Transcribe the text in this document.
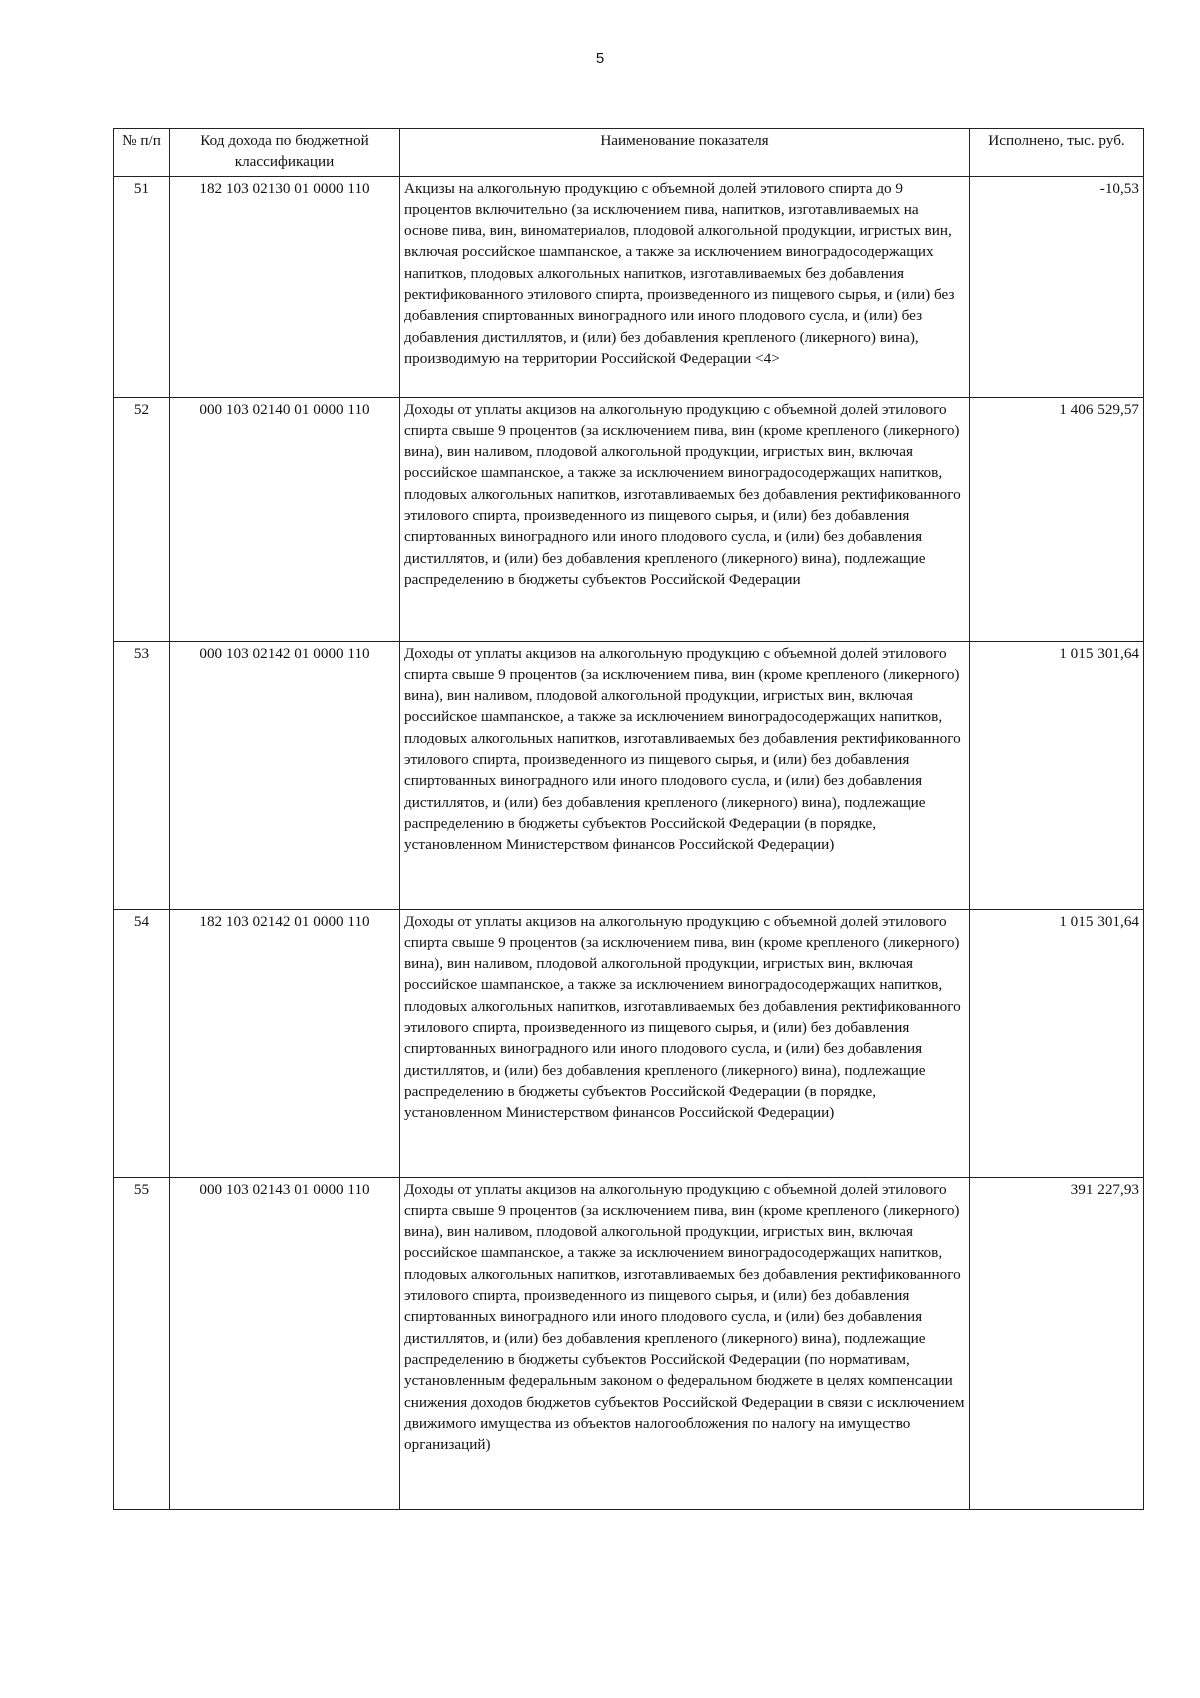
5
№ п/п	Код дохода по бюджетной классификации	Наименование показателя	Исполнено, тыс. руб.
51	182 103 02130 01 0000 110	Акцизы на алкогольную продукцию с объемной долей этилового спирта до 9 процентов включительно (за исключением пива, напитков, изготавливаемых на основе пива, вин, виноматериалов, плодовой алкогольной продукции, игристых вин, включая российское шампанское, а также за исключением виноградосодержащих напитков, плодовых алкогольных напитков, изготавливаемых без добавления ректификованного этилового спирта, произведенного из пищевого сырья, и (или) без добавления спиртованных виноградного или иного плодового сусла, и (или) без добавления дистиллятов, и (или) без добавления крепленого (ликерного) вина), производимую на территории Российской Федерации <4>	-10,53
52	000 103 02140 01 0000 110	Доходы от уплаты акцизов на алкогольную продукцию с объемной долей этилового спирта свыше 9 процентов (за исключением пива, вин (кроме крепленого (ликерного) вина), вин наливом, плодовой алкогольной продукции, игристых вин, включая российское шампанское, а также за исключением виноградосодержащих напитков, плодовых алкогольных напитков, изготавливаемых без добавления ректификованного этилового спирта, произведенного из пищевого сырья, и (или) без добавления спиртованных виноградного или иного плодового сусла, и (или) без добавления дистиллятов, и (или) без добавления крепленого (ликерного) вина), подлежащие распределению в бюджеты субъектов Российской Федерации	1 406 529,57
53	000 103 02142 01 0000 110	Доходы от уплаты акцизов на алкогольную продукцию с объемной долей этилового спирта свыше 9 процентов (за исключением пива, вин (кроме крепленого (ликерного) вина), вин наливом, плодовой алкогольной продукции, игристых вин, включая российское шампанское, а также за исключением виноградосодержащих напитков, плодовых алкогольных напитков, изготавливаемых без добавления ректификованного этилового спирта, произведенного из пищевого сырья, и (или) без добавления спиртованных виноградного или иного плодового сусла, и (или) без добавления дистиллятов, и (или) без добавления крепленого (ликерного) вина), подлежащие распределению в бюджеты субъектов Российской Федерации (в порядке, установленном Министерством финансов Российской Федерации)	1 015 301,64
54	182 103 02142 01 0000 110	Доходы от уплаты акцизов на алкогольную продукцию с объемной долей этилового спирта свыше 9 процентов (за исключением пива, вин (кроме крепленого (ликерного) вина), вин наливом, плодовой алкогольной продукции, игристых вин, включая российское шампанское, а также за исключением виноградосодержащих напитков, плодовых алкогольных напитков, изготавливаемых без добавления ректификованного этилового спирта, произведенного из пищевого сырья, и (или) без добавления спиртованных виноградного или иного плодового сусла, и (или) без добавления дистиллятов, и (или) без добавления крепленого (ликерного) вина), подлежащие распределению в бюджеты субъектов Российской Федерации (в порядке, установленном Министерством финансов Российской Федерации)	1 015 301,64
55	000 103 02143 01 0000 110	Доходы от уплаты акцизов на алкогольную продукцию с объемной долей этилового спирта свыше 9 процентов (за исключением пива, вин (кроме крепленого (ликерного) вина), вин наливом, плодовой алкогольной продукции, игристых вин, включая российское шампанское, а также за исключением виноградосодержащих напитков, плодовых алкогольных напитков, изготавливаемых без добавления ректификованного этилового спирта, произведенного из пищевого сырья, и (или) без добавления спиртованных виноградного или иного плодового сусла, и (или) без добавления дистиллятов, и (или) без добавления крепленого (ликерного) вина), подлежащие распределению в бюджеты субъектов Российской Федерации (по нормативам, установленным федеральным законом о федеральном бюджете в целях компенсации снижения доходов бюджетов субъектов Российской Федерации в связи с исключением движимого имущества из объектов налогообложения по налогу на имущество организаций)	391 227,93
